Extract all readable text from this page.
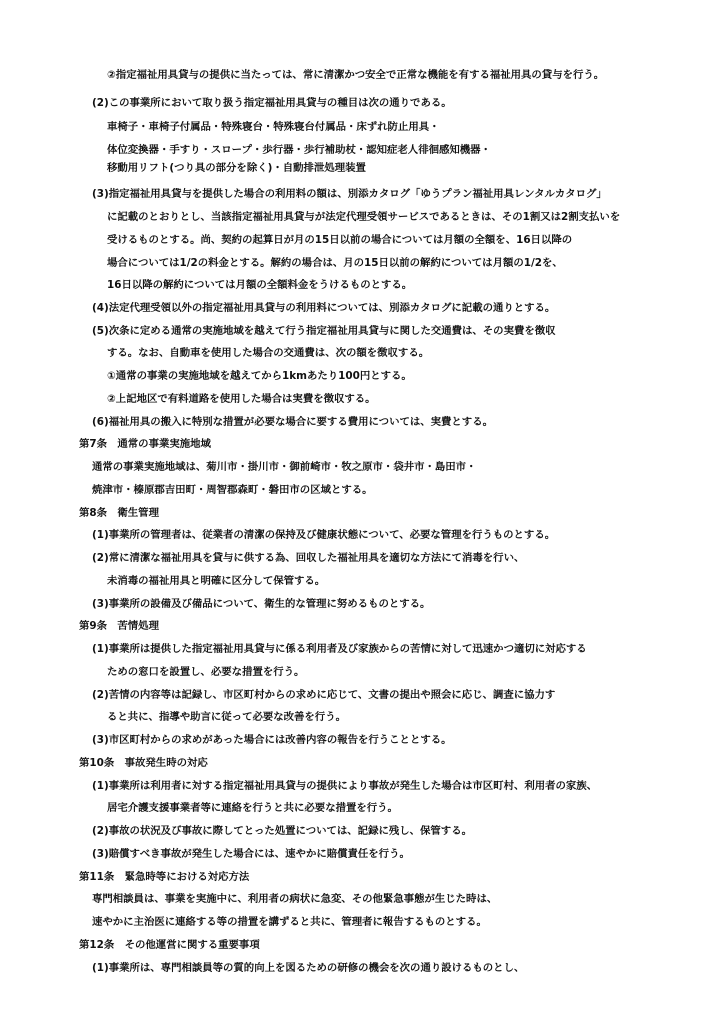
②指定福祉用具貸与の提供に当たっては、常に清潔かつ安全で正常な機能を有する福祉用具の貸与を行う。
(2)この事業所において取り扱う指定福祉用具貸与の種目は次の通りである。
車椅子・車椅子付属品・特殊寝台・特殊寝台付属品・床ずれ防止用具・
体位変換器・手すり・スロープ・歩行器・歩行補助杖・認知症老人徘徊感知機器・
移動用リフト(つり具の部分を除く)・自動排泄処理装置
(3)指定福祉用具貸与を提供した場合の利用料の額は、別添カタログ「ゆうプラン福祉用具レンタルカタログ」
に記載のとおりとし、当該指定福祉用具貸与が法定代理受領サービスであるときは、その1割又は2割支払いを
受けるものとする。尚、契約の起算日が月の15日以前の場合については月額の全額を、16日以降の
場合については1/2の料金とする。解約の場合は、月の15日以前の解約については月額の1/2を、
16日以降の解約については月額の全額料金をうけるものとする。
(4)法定代理受領以外の指定福祉用具貸与の利用料については、別添カタログに記載の通りとする。
(5)次条に定める通常の実施地域を越えて行う指定福祉用具貸与に関した交通費は、その実費を徴収
する。なお、自動車を使用した場合の交通費は、次の額を徴収する。
①通常の事業の実施地域を越えてから1kmあたり100円とする。
②上記地区で有料道路を使用した場合は実費を徴収する。
(6)福祉用具の搬入に特別な措置が必要な場合に要する費用については、実費とする。
第7条　通常の事業実施地域
通常の事業実施地域は、菊川市・掛川市・御前崎市・牧之原市・袋井市・島田市・
焼津市・榛原郡吉田町・周智郡森町・磐田市の区域とする。
第8条　衛生管理
(1)事業所の管理者は、従業者の清潔の保持及び健康状態について、必要な管理を行うものとする。
(2)常に清潔な福祉用具を貸与に供する為、回収した福祉用具を適切な方法にて消毒を行い、
未消毒の福祉用具と明確に区分して保管する。
(3)事業所の設備及び備品について、衛生的な管理に努めるものとする。
第9条　苦情処理
(1)事業所は提供した指定福祉用具貸与に係る利用者及び家族からの苦情に対して迅速かつ適切に対応する
ための窓口を設置し、必要な措置を行う。
(2)苦情の内容等は記録し、市区町村からの求めに応じて、文書の提出や照会に応じ、調査に協力す
ると共に、指導や助言に従って必要な改善を行う。
(3)市区町村からの求めがあった場合には改善内容の報告を行うこととする。
第10条　事故発生時の対応
(1)事業所は利用者に対する指定福祉用具貸与の提供により事故が発生した場合は市区町村、利用者の家族、
居宅介護支援事業者等に連絡を行うと共に必要な措置を行う。
(2)事故の状況及び事故に際してとった処置については、記録に残し、保管する。
(3)賠償すべき事故が発生した場合には、速やかに賠償責任を行う。
第11条　緊急時等における対応方法
専門相談員は、事業を実施中に、利用者の病状に急変、その他緊急事態が生じた時は、
速やかに主治医に連絡する等の措置を講ずると共に、管理者に報告するものとする。
第12条　その他運営に関する重要事項
(1)事業所は、専門相談員等の質的向上を図るための研修の機会を次の通り設けるものとし、
